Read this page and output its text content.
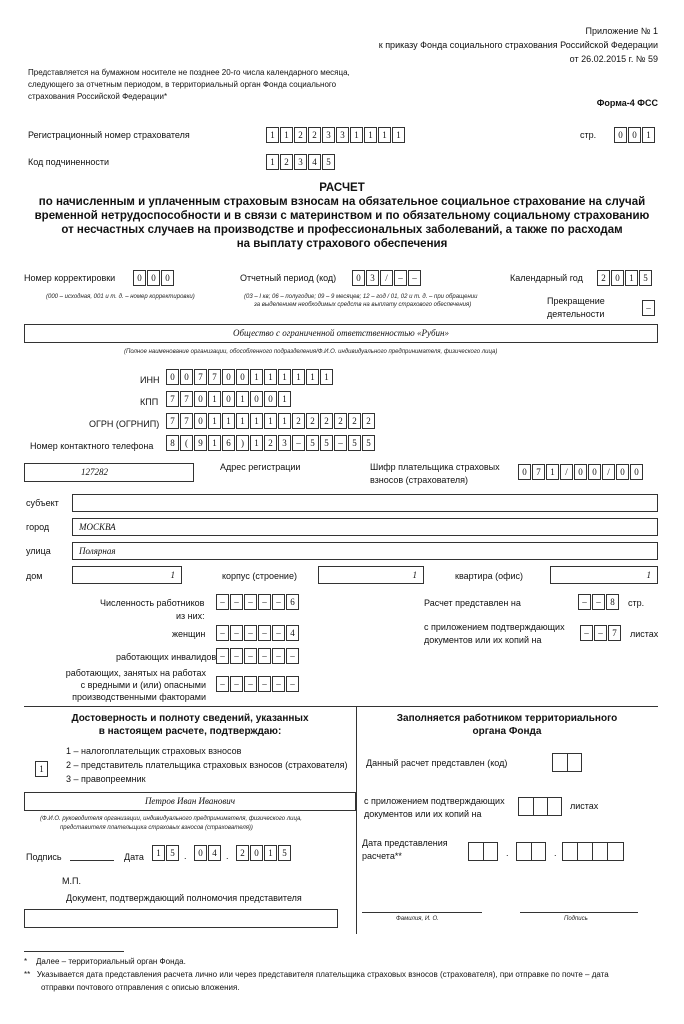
Приложение № 1
к приказу Фонда социального страхования Российской Федерации
от 26.02.2015 г. № 59
Представляется на бумажном носителе не позднее 20-го числа календарного месяца,
следующего за отчетным периодом, в территориальный орган Фонда социального
страхования Российской Федерации*
Форма-4 ФСС
Регистрационный номер страхователя	1	1	2	2	3	3	1	1	1	1	стр.	0	0	1
Код подчиненности	1	2	3	4	5
РАСЧЕТ
по начисленным и уплаченным страховым взносам на обязательное социальное страхование на случай
временной нетрудоспособности и в связи с материнством и по обязательному социальному страхованию
от несчастных случаев на производстве и профессиональных заболеваний, а также по расходам
на выплату страхового обеспечения
Номер корректировки	0	0	0
(000 – исходная, 001 и т. д. – номер корректировки)
Отчетный период (код)	0	3	/	–	–
(03 – I кв; 06 – полугодие; 09 – 9 месяцев; 12 – год / 01, 02 и т. д. – при обращении
за выделением необходимых средств на выплату страхового обеспечения)
Календарный год	2	0	1	5
Прекращение
деятельности
–
Общество с ограниченной ответственностью «Рубин»
(Полное наименование организации, обособленного подразделения/Ф.И.О. индивидуального предпринимателя, физического лица)
ИНН	0	0	7	7	0	0	1	1	1	1	1	1
КПП	7	7	0	1	0	1	0	0	1
ОГРН (ОГРНИП)	7	7	0	1	1	1	1	1	1	2	2	2	2	2	2
Номер контактного телефона	8	(	9	1	6	)	1	2	3	–	5	5	–	5	5
127282	Адрес регистрации	Шифр плательщика страховых
взносов (страхователя)
0	7	1	/	0	0	/	0	0
субъект
город	МОСКВА
улица	Полярная
дом	1	корпус (строение)	1	квартира (офис)	1
Численность работников
из них:
–	–	–	–	–	6
женщин	–	–	–	–	–	4
работающих инвалидов –	–	–	–	–	–
работающих, занятых на работах
с вредными и (или) опасными
производственными факторами
–	–	–	–	–	–
Расчет представлен на	–	–	8	стр.
с приложением подтверждающих
документов или их копий на
–	–	7	листах
Достоверность и полноту сведений, указанных
в настоящем расчете, подтверждаю:
1
1 – налогоплательщик страховых взносов
2 – представитель плательщика страховых взносов (страхователя)
3 – правопреемник
Петров Иван Иванович
(Ф.И.О. руководителя организации, индивидуального предпринимателя, физического лица,
представителя плательщика страховых взносов (страхователя))
Подпись	Дата	1	5	.	0	4	.	2	0	1	5
М.П.
Документ, подтверждающий полномочия представителя
Заполняется работником территориального
органа Фонда
Данный расчет представлен (код)
с приложением подтверждающих
документов или их копий на
листах
Дата представления
расчета**	.	.
Фамилия, И. О.	Подпись
*    Далее – территориальный орган Фонда.
**   Указывается дата представления расчета лично или через представителя плательщика страховых взносов (страхователя), при отправке по почте – дата
отправки почтового отправления с описью вложения.
